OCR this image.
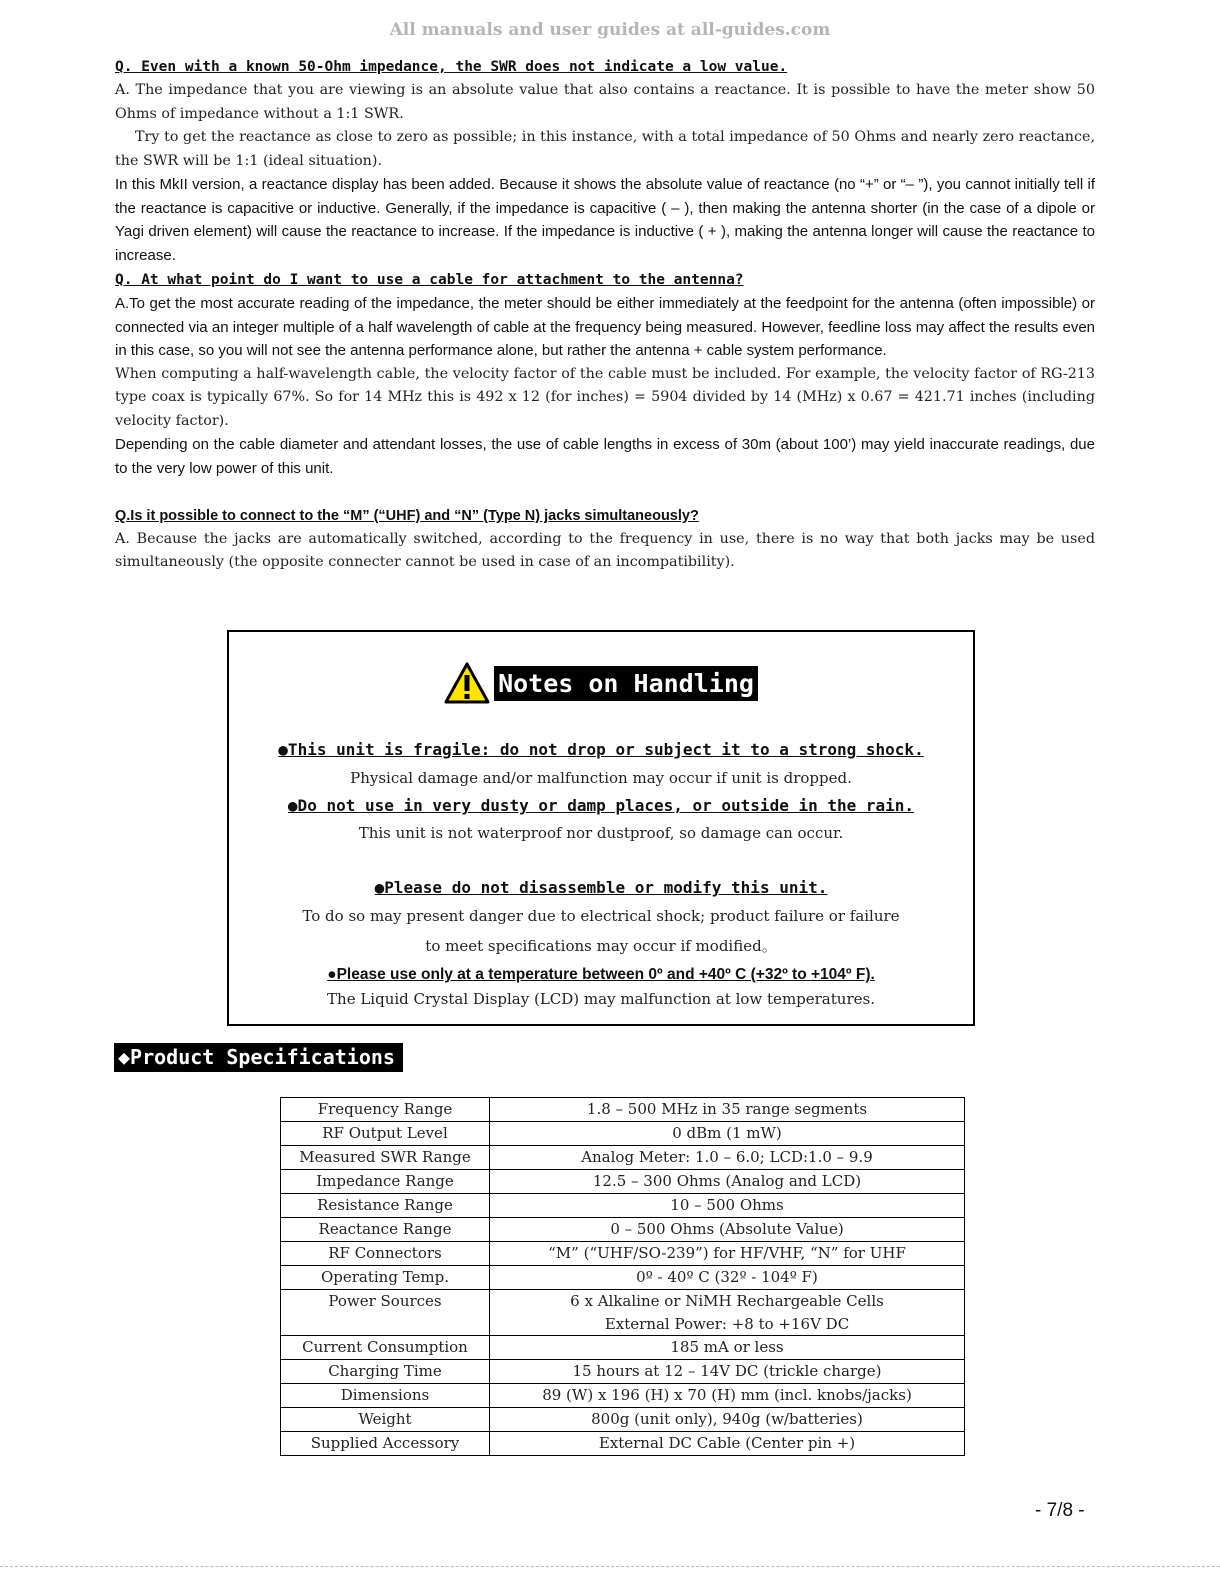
All manuals and user guides at all-guides.com
Q. Even with a known 50-Ohm impedance, the SWR does not indicate a low value.
A. The impedance that you are viewing is an absolute value that also contains a reactance. It is possible to have the meter show 50 Ohms of impedance without a 1:1 SWR.
Try to get the reactance as close to zero as possible; in this instance, with a total impedance of 50 Ohms and nearly zero reactance, the SWR will be 1:1 (ideal situation).
In this MkII version, a reactance display has been added. Because it shows the absolute value of reactance (no “+” or “– ”), you cannot initially tell if the reactance is capacitive or inductive. Generally, if the impedance is capacitive ( – ), then making the antenna shorter (in the case of a dipole or Yagi driven element) will cause the reactance to increase. If the impedance is inductive ( + ), making the antenna longer will cause the reactance to increase.
Q. At what point do I want to use a cable for attachment to the antenna?
A.To get the most accurate reading of the impedance, the meter should be either immediately at the feedpoint for the antenna (often impossible) or connected via an integer multiple of a half wavelength of cable at the frequency being measured. However, feedline loss may affect the results even in this case, so you will not see the antenna performance alone, but rather the antenna + cable system performance.
When computing a half-wavelength cable, the velocity factor of the cable must be included. For example, the velocity factor of RG-213 type coax is typically 67%. So for 14 MHz this is 492 x 12 (for inches) = 5904 divided by 14 (MHz) x 0.67 = 421.71 inches (including velocity factor).
Depending on the cable diameter and attendant losses, the use of cable lengths in excess of 30m (about 100’) may yield inaccurate readings, due to the very low power of this unit.
Q.Is it possible to connect to the “M” (“UHF) and “N” (Type N) jacks simultaneously?
A. Because the jacks are automatically switched, according to the frequency in use, there is no way that both jacks may be used simultaneously (the opposite connecter cannot be used in case of an incompatibility).
Notes on Handling
●This unit is fragile: do not drop or subject it to a strong shock.
Physical damage and/or malfunction may occur if unit is dropped.
●Do not use in very dusty or damp places, or outside in the rain.
This unit is not waterproof nor dustproof, so damage can occur.
●Please do not disassemble or modify this unit.
To do so may present danger due to electrical shock; product failure or failure
to meet specifications may occur if modified。
●Please use only at a temperature between 0º and +40º C (+32º to +104º F).
The Liquid Crystal Display (LCD) may malfunction at low temperatures.
◆Product Specifications
Frequency Range	1.8 – 500 MHz in 35 range segments

RF Output Level	0 dBm (1 mW)

Measured SWR Range	Analog Meter: 1.0 – 6.0; LCD:1.0 – 9.9

Impedance Range	12.5 – 300 Ohms (Analog and LCD)

Resistance Range	10 – 500 Ohms

Reactance Range	0 – 500 Ohms (Absolute Value)

RF Connectors	“M” (“UHF/SO-239”) for HF/VHF, “N” for UHF

Operating Temp.	0º - 40º C (32º - 104º F)

Power Sources	6 x Alkaline or NiMH Rechargeable Cells
External Power: +8 to +16V DC

Current Consumption	185 mA or less

Charging Time	15 hours at 12 – 14V DC (trickle charge)

Dimensions	89 (W) x 196 (H) x 70 (H) mm (incl. knobs/jacks)

Weight	800g (unit only), 940g (w/batteries)

Supplied Accessory	External DC Cable (Center pin +)
- 7/8 -
